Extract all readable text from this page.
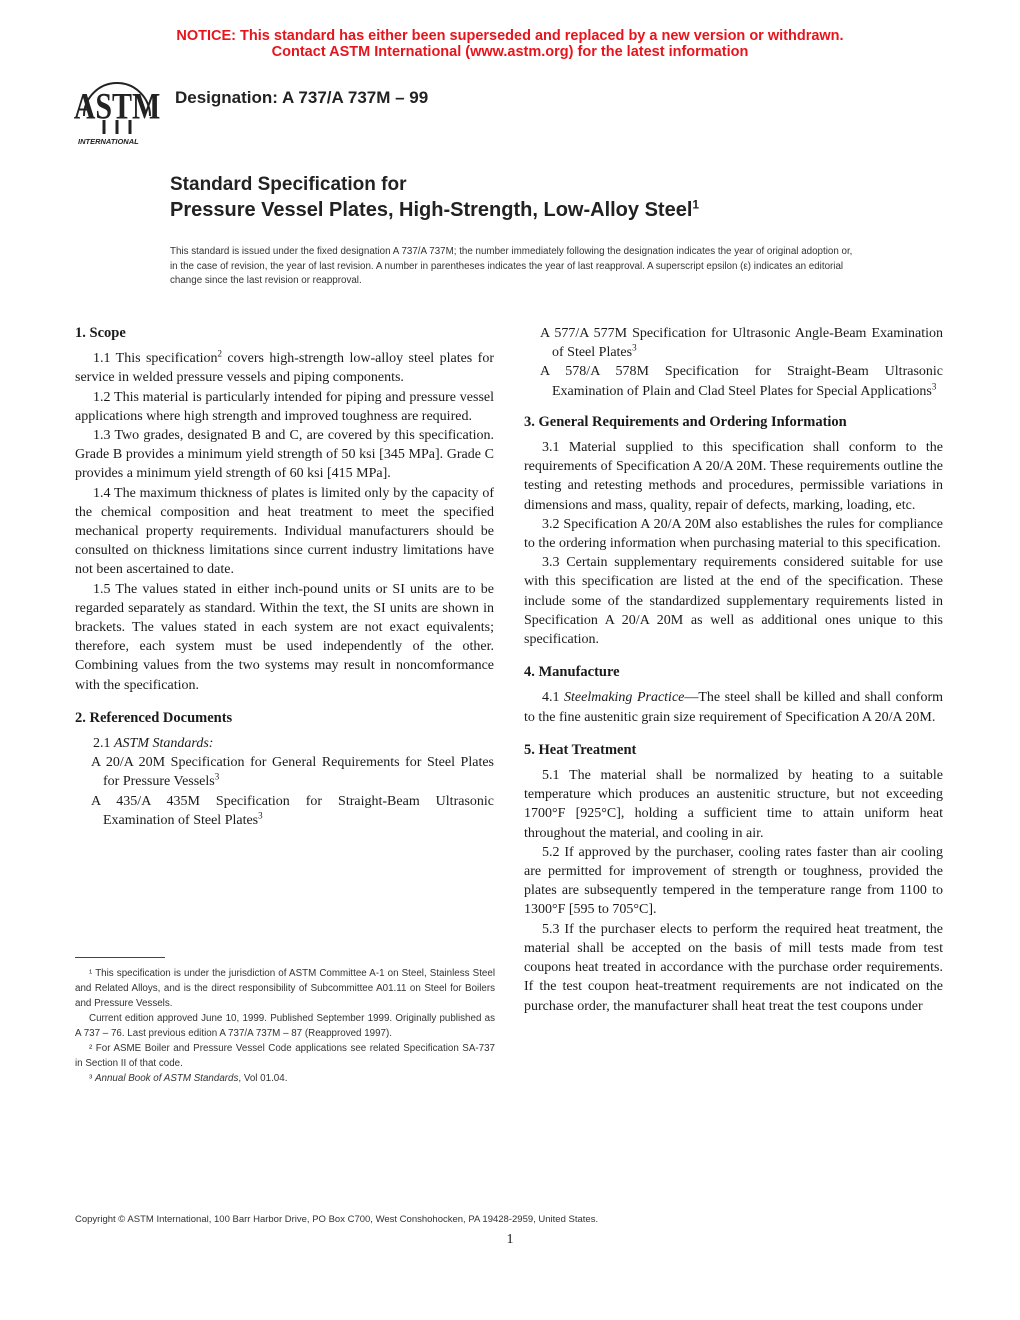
NOTICE: This standard has either been superseded and replaced by a new version or withdrawn.
Contact ASTM International (www.astm.org) for the latest information
ASTM
INTERNATIONAL
Designation: A 737/A 737M – 99
Standard Specification for
Pressure Vessel Plates, High-Strength, Low-Alloy Steel$^1$
This standard is issued under the fixed designation A 737/A 737M; the number immediately following the designation indicates the year of original adoption or, in the case of revision, the year of last revision. A number in parentheses indicates the year of last reapproval. A superscript epsilon (ε) indicates an editorial change since the last revision or reapproval.
1. Scope

1.1 This specification$^2$ covers high-strength low-alloy steel plates for service in welded pressure vessels and piping components.

1.2 This material is particularly intended for piping and pressure vessel applications where high strength and improved toughness are required.

1.3 Two grades, designated B and C, are covered by this specification. Grade B provides a minimum yield strength of 50 ksi [345 MPa]. Grade C provides a minimum yield strength of 60 ksi [415 MPa].

1.4 The maximum thickness of plates is limited only by the capacity of the chemical composition and heat treatment to meet the specified mechanical property requirements. Individual manufacturers should be consulted on thickness limitations since current industry limitations have not been ascertained to date.

1.5 The values stated in either inch-pound units or SI units are to be regarded separately as standard. Within the text, the SI units are shown in brackets. The values stated in each system are not exact equivalents; therefore, each system must be used independently of the other. Combining values from the two systems may result in noncomformance with the specification.

2. Referenced Documents

2.1 ASTM Standards:

A 20/A 20M Specification for General Requirements for Steel Plates for Pressure Vessels$^3$
A 435/A 435M Specification for Straight-Beam Ultrasonic Examination of Steel Plates$^3$
A 577/A 577M Specification for Ultrasonic Angle-Beam Examination of Steel Plates$^3$
A 578/A 578M Specification for Straight-Beam Ultrasonic Examination of Plain and Clad Steel Plates for Special Applications$^3$
3. General Requirements and Ordering Information

3.1 Material supplied to this specification shall conform to the requirements of Specification A 20/A 20M. These requirements outline the testing and retesting methods and procedures, permissible variations in dimensions and mass, quality, repair of defects, marking, loading, etc.

3.2 Specification A 20/A 20M also establishes the rules for compliance to the ordering information when purchasing material to this specification.

3.3 Certain supplementary requirements considered suitable for use with this specification are listed at the end of the specification. These include some of the standardized supplementary requirements listed in Specification A 20/A 20M as well as additional ones unique to this specification.

4. Manufacture

4.1 Steelmaking Practice—The steel shall be killed and shall conform to the fine austenitic grain size requirement of Specification A 20/A 20M.

5. Heat Treatment

5.1 The material shall be normalized by heating to a suitable temperature which produces an austenitic structure, but not exceeding 1700°F [925°C], holding a sufficient time to attain uniform heat throughout the material, and cooling in air.

5.2 If approved by the purchaser, cooling rates faster than air cooling are permitted for improvement of strength or toughness, provided the plates are subsequently tempered in the temperature range from 1100 to 1300°F [595 to 705°C].

5.3 If the purchaser elects to perform the required heat treatment, the material shall be accepted on the basis of mill tests made from test coupons heat treated in accordance with the purchase order requirements. If the test coupon heat-treatment requirements are not indicated on the purchase order, the manufacturer shall heat treat the test coupons under

¹ This specification is under the jurisdiction of ASTM Committee A-1 on Steel, Stainless Steel and Related Alloys, and is the direct responsibility of Subcommittee A01.11 on Steel for Boilers and Pressure Vessels.

Current edition approved June 10, 1999. Published September 1999. Originally published as A 737 – 76. Last previous edition A 737/A 737M – 87 (Reapproved 1997).

² For ASME Boiler and Pressure Vessel Code applications see related Specification SA-737 in Section II of that code.

³ Annual Book of ASTM Standards, Vol 01.04.

Copyright © ASTM International, 100 Barr Harbor Drive, PO Box C700, West Conshohocken, PA 19428-2959, United States.
1
